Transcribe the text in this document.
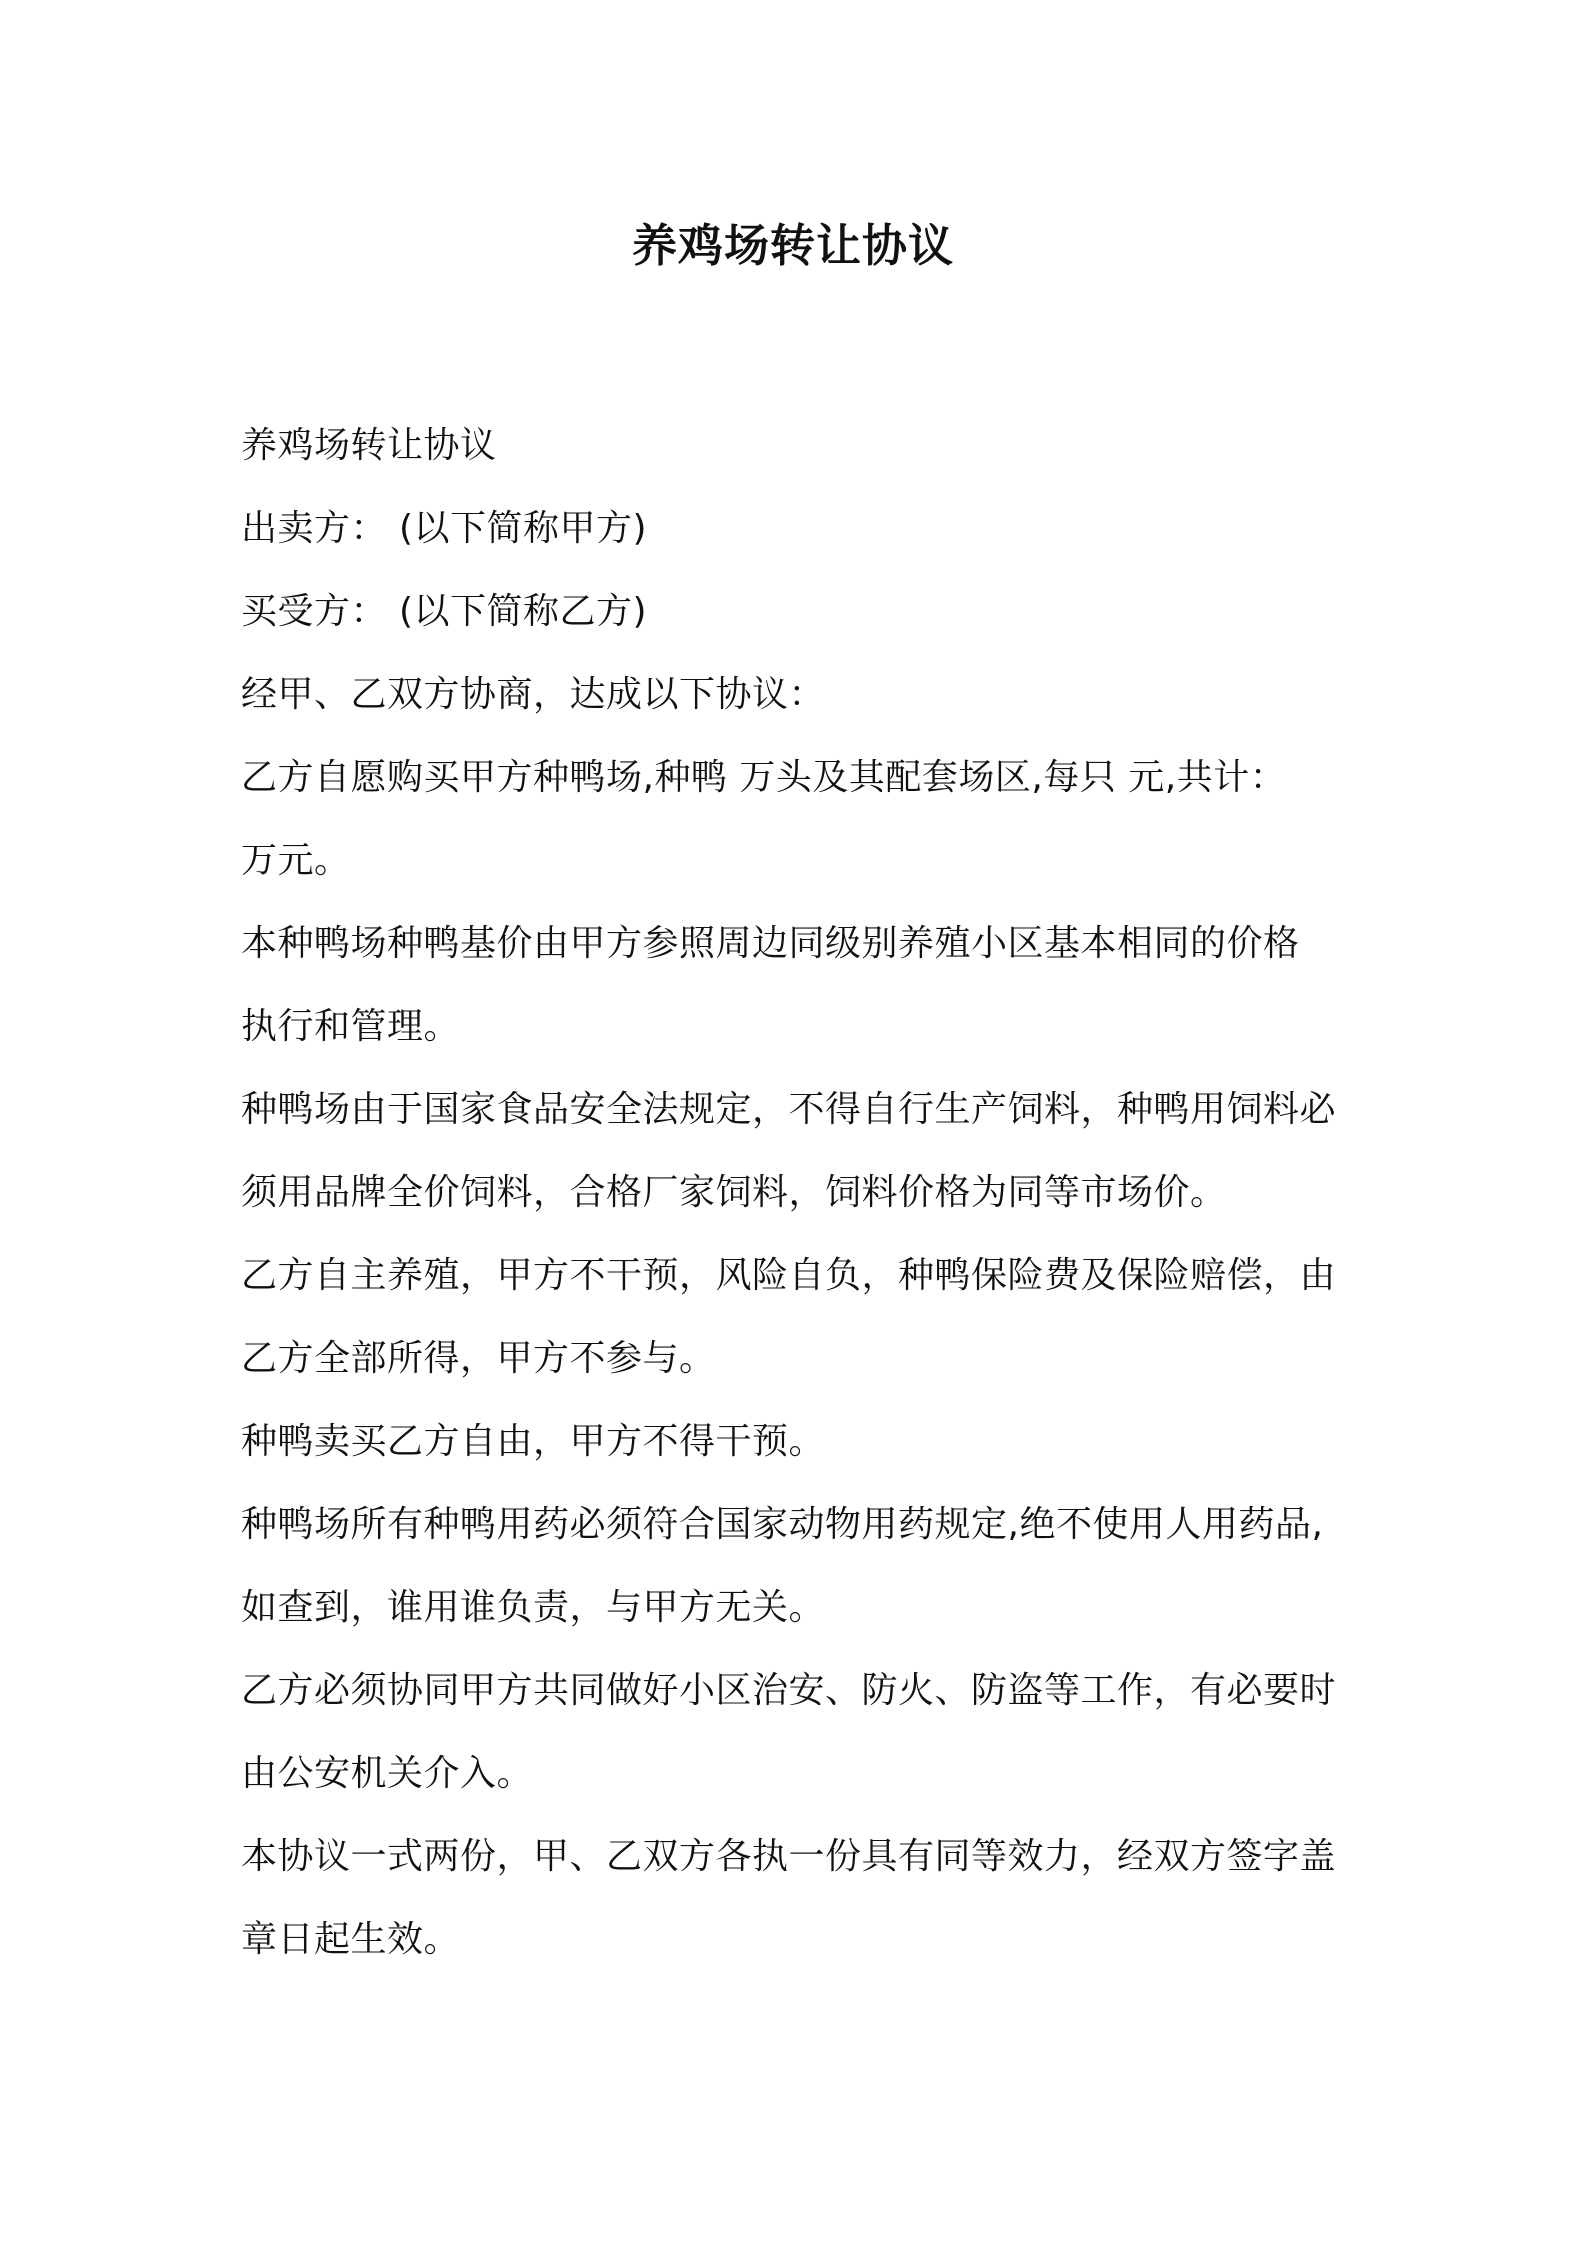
养鸡场转让协议
养鸡场转让协议
出卖方： (以下简称甲方)
买受方： (以下简称乙方)
经甲、乙双方协商，达成以下协议：
乙方自愿购买甲方种鸭场,种鸭 万头及其配套场区,每只 元,共计：
万元。
本种鸭场种鸭基价由甲方参照周边同级别养殖小区基本相同的价格
执行和管理。
种鸭场由于国家食品安全法规定，不得自行生产饲料，种鸭用饲料必
须用品牌全价饲料，合格厂家饲料，饲料价格为同等市场价。
乙方自主养殖，甲方不干预，风险自负，种鸭保险费及保险赔偿，由
乙方全部所得，甲方不参与。
种鸭卖买乙方自由，甲方不得干预。
种鸭场所有种鸭用药必须符合国家动物用药规定,绝不使用人用药品,
如查到，谁用谁负责，与甲方无关。
乙方必须协同甲方共同做好小区治安、防火、防盗等工作，有必要时
由公安机关介入。
本协议一式两份，甲、乙双方各执一份具有同等效力，经双方签字盖
章日起生效。
